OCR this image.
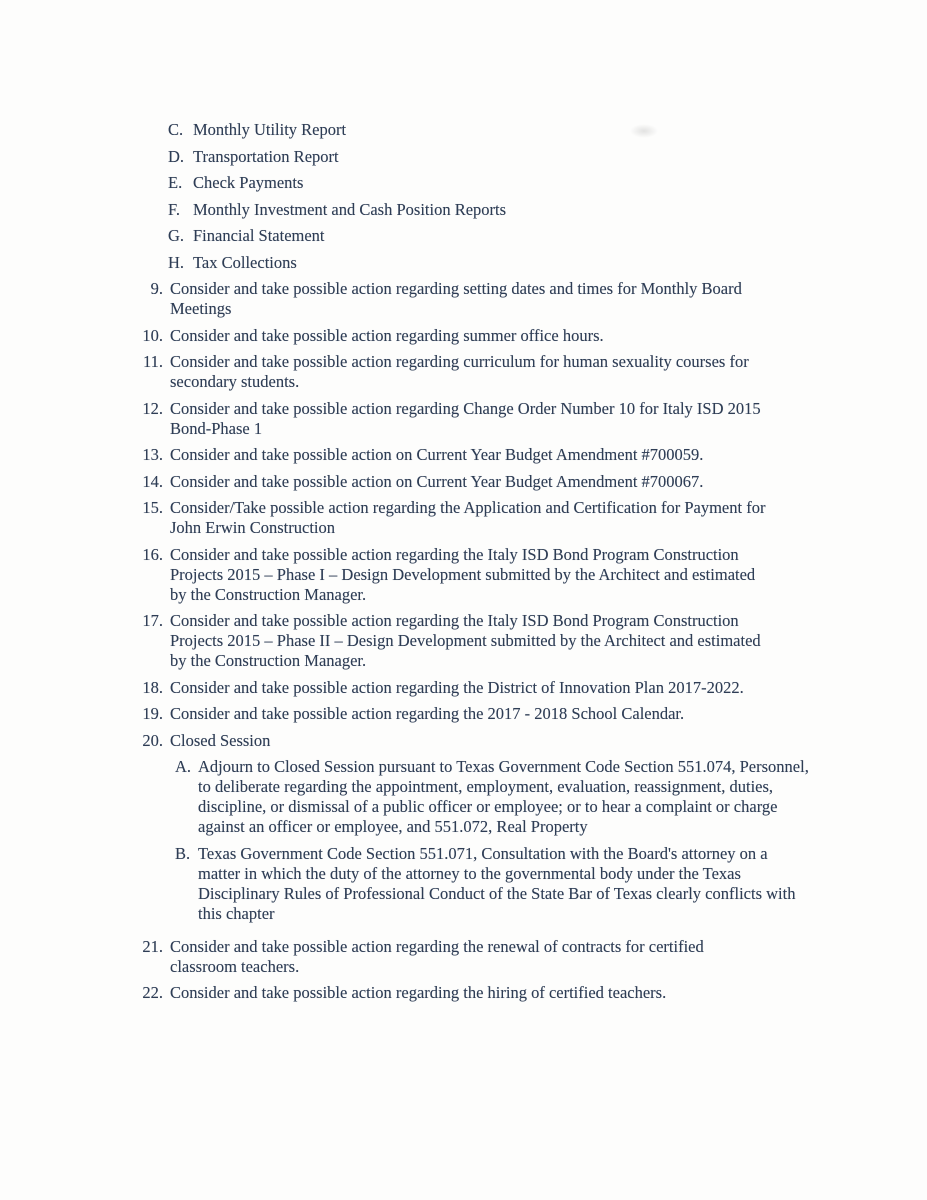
C. Monthly Utility Report
D. Transportation Report
E. Check Payments
F. Monthly Investment and Cash Position Reports
G. Financial Statement
H. Tax Collections
9. Consider and take possible action regarding setting dates and times for Monthly Board Meetings
10. Consider and take possible action regarding summer office hours.
11. Consider and take possible action regarding curriculum for human sexuality courses for secondary students.
12. Consider and take possible action regarding Change Order Number 10 for Italy ISD 2015 Bond-Phase 1
13. Consider and take possible action on Current Year Budget Amendment #700059.
14. Consider and take possible action on Current Year Budget Amendment #700067.
15. Consider/Take possible action regarding the Application and Certification for Payment for John Erwin Construction
16. Consider and take possible action regarding the Italy ISD Bond Program Construction Projects 2015 – Phase I – Design Development submitted by the Architect and estimated by the Construction Manager.
17. Consider and take possible action regarding the Italy ISD Bond Program Construction Projects 2015 – Phase II – Design Development submitted by the Architect and estimated by the Construction Manager.
18. Consider and take possible action regarding the District of Innovation Plan 2017-2022.
19. Consider and take possible action regarding the 2017 - 2018 School Calendar.
20. Closed Session
A. Adjourn to Closed Session pursuant to Texas Government Code Section 551.074, Personnel, to deliberate regarding the appointment, employment, evaluation, reassignment, duties, discipline, or dismissal of a public officer or employee; or to hear a complaint or charge against an officer or employee, and 551.072, Real Property
B. Texas Government Code Section 551.071, Consultation with the Board's attorney on a matter in which the duty of the attorney to the governmental body under the Texas Disciplinary Rules of Professional Conduct of the State Bar of Texas clearly conflicts with this chapter
21. Consider and take possible action regarding the renewal of contracts for certified classroom teachers.
22. Consider and take possible action regarding the hiring of certified teachers.
